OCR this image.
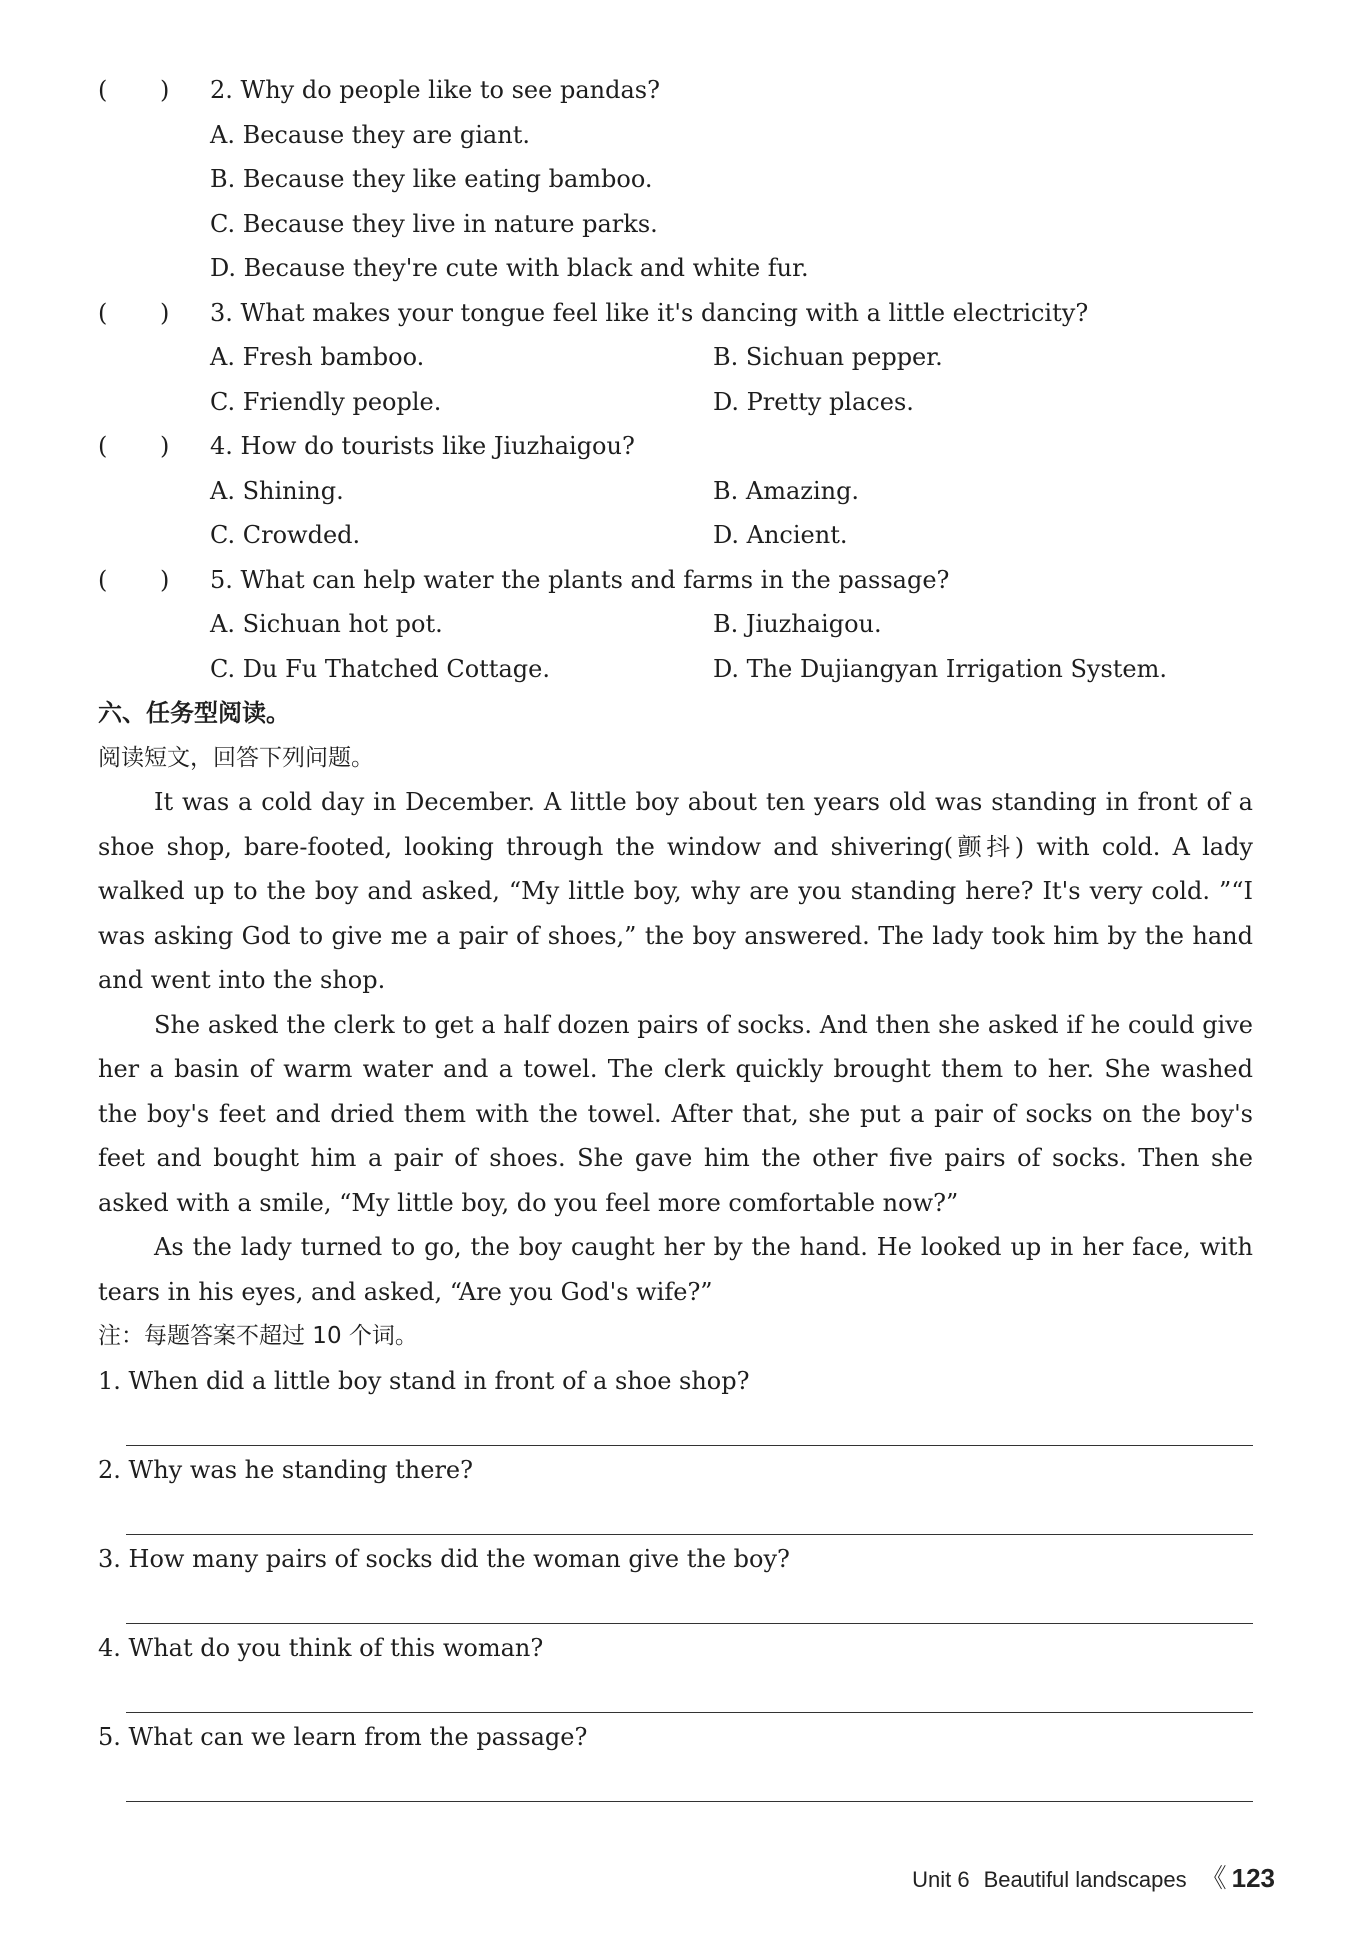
( )	2. Why do people like to see pandas?
A. Because they are giant.
B. Because they like eating bamboo.
C. Because they live in nature parks.
D. Because they're cute with black and white fur.
( )	3. What makes your tongue feel like it's dancing with a little electricity?
A. Fresh bamboo.	B. Sichuan pepper.
C. Friendly people.	D. Pretty places.
( )	4. How do tourists like Jiuzhaigou?
A. Shining.	B. Amazing.
C. Crowded.	D. Ancient.
( )	5. What can help water the plants and farms in the passage?
A. Sichuan hot pot.	B. Jiuzhaigou.
C. Du Fu Thatched Cottage.	D. The Dujiangyan Irrigation System.
六、任务型阅读。
阅读短文，回答下列问题。
It was a cold day in December. A little boy about ten years old was standing in front of a shoe shop, bare-footed, looking through the window and shivering(颤抖) with cold. A lady walked up to the boy and asked, “My little boy, why are you standing here? It's very cold. ”“I was asking God to give me a pair of shoes,” the boy answered. The lady took him by the hand and went into the shop.
She asked the clerk to get a half dozen pairs of socks. And then she asked if he could give her a basin of warm water and a towel. The clerk quickly brought them to her. She washed the boy's feet and dried them with the towel. After that, she put a pair of socks on the boy's feet and bought him a pair of shoes. She gave him the other five pairs of socks. Then she asked with a smile, “My little boy, do you feel more comfortable now?”
As the lady turned to go, the boy caught her by the hand. He looked up in her face, with tears in his eyes, and asked, “Are you God's wife?”
注：每题答案不超过 10 个词。
1. When did a little boy stand in front of a shoe shop?
2. Why was he standing there?
3. How many pairs of socks did the woman give the boy?
4. What do you think of this woman?
5. What can we learn from the passage?
Unit 6 Beautiful landscapes 《 123
